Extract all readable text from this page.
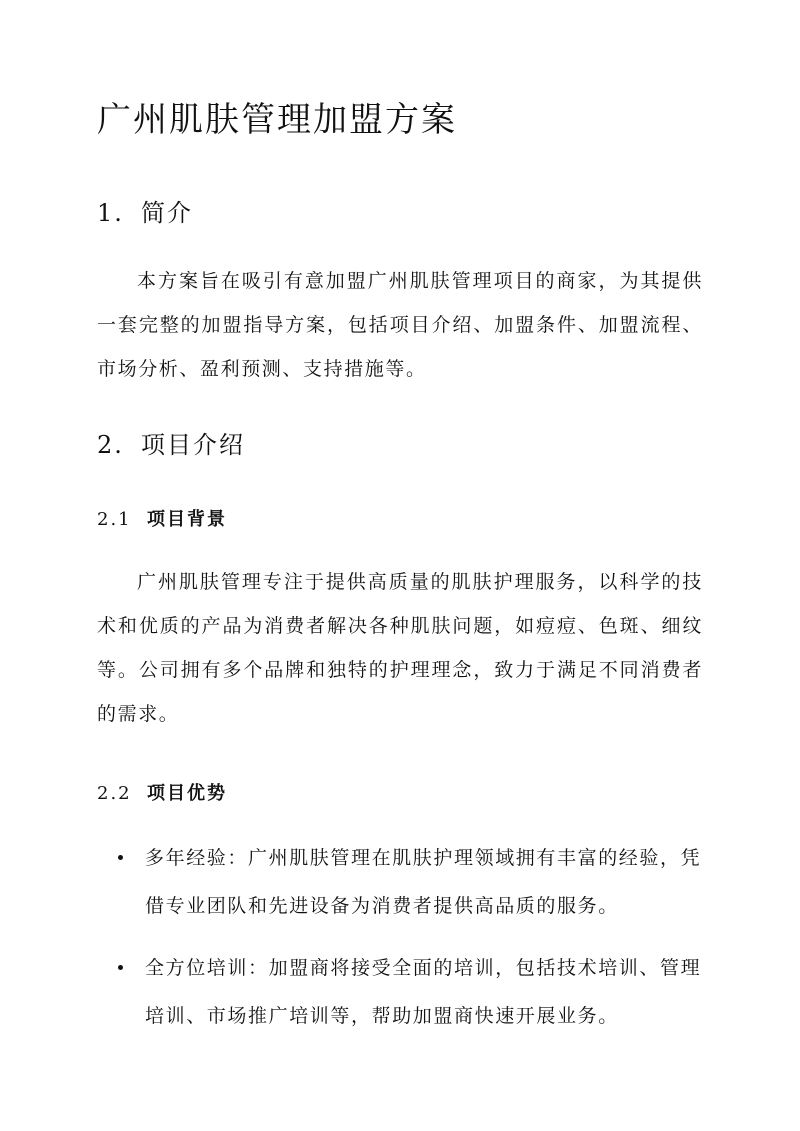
广州肌肤管理加盟方案
1. 简介

本方案旨在吸引有意加盟广州肌肤管理项目的商家，为其提供一套完整的加盟指导方案，包括项目介绍、加盟条件、加盟流程、市场分析、盈利预测、支持措施等。

2. 项目介绍
2.1 项目背景

广州肌肤管理专注于提供高质量的肌肤护理服务，以科学的技术和优质的产品为消费者解决各种肌肤问题，如痘痘、色斑、细纹等。公司拥有多个品牌和独特的护理理念，致力于满足不同消费者的需求。

2.2 项目优势
多年经验：广州肌肤管理在肌肤护理领域拥有丰富的经验，凭借专业团队和先进设备为消费者提供高品质的服务。
全方位培训：加盟商将接受全面的培训，包括技术培训、管理培训、市场推广培训等，帮助加盟商快速开展业务。
